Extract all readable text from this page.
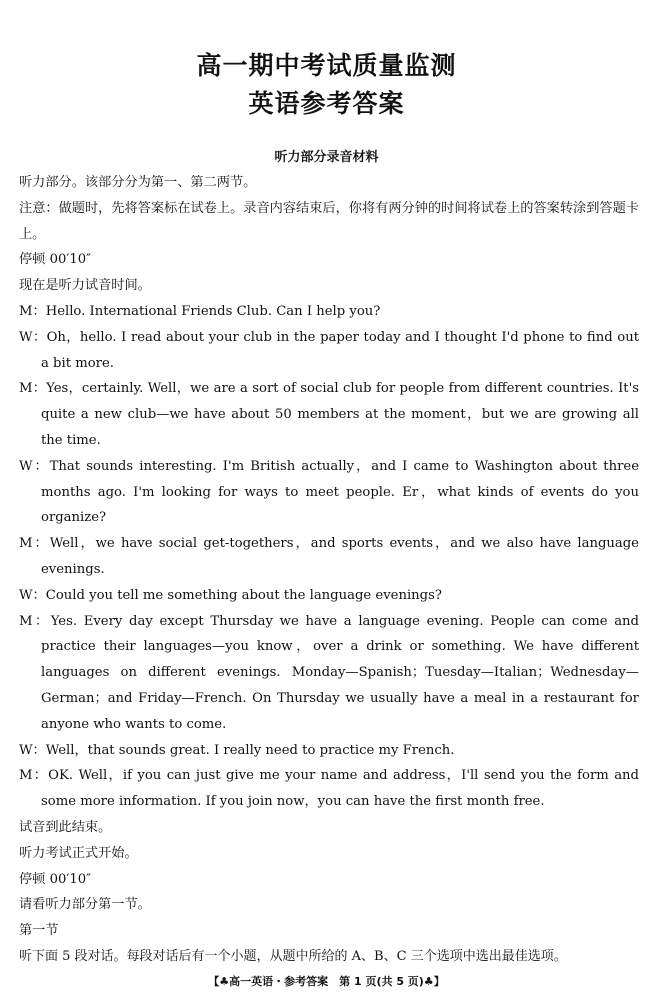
高一期中考试质量监测
英语参考答案
听力部分录音材料
听力部分。该部分分为第一、第二两节。
注意：做题时，先将答案标在试卷上。录音内容结束后，你将有两分钟的时间将试卷上的答案转涂到答题卡上。
停顿 00′10″
现在是听力试音时间。
M：Hello. International Friends Club. Can I help you?
W：Oh，hello. I read about your club in the paper today and I thought I'd phone to find out a bit more.
M：Yes，certainly. Well，we are a sort of social club for people from different countries. It's quite a new club—we have about 50 members at the moment，but we are growing all the time.
W：That sounds interesting. I'm British actually，and I came to Washington about three months ago. I'm looking for ways to meet people. Er，what kinds of events do you organize?
M：Well，we have social get-togethers，and sports events，and we also have language evenings.
W：Could you tell me something about the language evenings?
M：Yes. Every day except Thursday we have a language evening. People can come and practice their languages—you know，over a drink or something. We have different languages on different evenings. Monday—Spanish；Tuesday—Italian；Wednesday—German；and Friday—French. On Thursday we usually have a meal in a restaurant for anyone who wants to come.
W：Well，that sounds great. I really need to practice my French.
M：OK. Well，if you can just give me your name and address，I'll send you the form and some more information. If you join now，you can have the first month free.
试音到此结束。
听力考试正式开始。
停顿 00′10″
请看听力部分第一节。
第一节
听下面 5 段对话。每段对话后有一个小题，从题中所给的 A、B、C 三个选项中选出最佳选项。
【♣高一英语・参考答案　第 1 页(共 5 页)♣】
